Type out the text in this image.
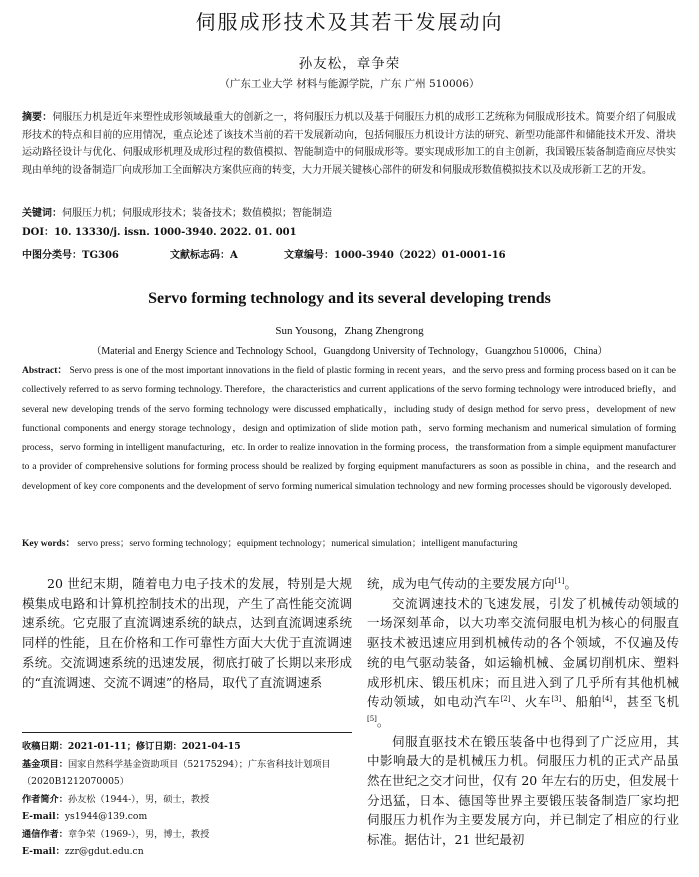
伺服成形技术及其若干发展动向
孙友松，章争荣
（广东工业大学 材料与能源学院，广东 广州 510006）
摘要：伺服压力机是近年来塑性成形领域最重大的创新之一，将伺服压力机以及基于伺服压力机的成形工艺统称为伺服成形技术。简要介绍了伺服成形技术的特点和目前的应用情况，重点论述了该技术当前的若干发展新动向，包括伺服压力机设计方法的研究、新型功能部件和储能技术开发、滑块运动路径设计与优化、伺服成形机理及成形过程的数值模拟、智能制造中的伺服成形等。要实现成形加工的自主创新，我国锻压装备制造商应尽快实现由单纯的设备制造厂向成形加工全面解决方案供应商的转变，大力开展关键核心部件的研发和伺服成形数值模拟技术以及成形新工艺的开发。
关键词：伺服压力机；伺服成形技术；装备技术；数值模拟；智能制造
DOI：10. 13330/j. issn. 1000-3940. 2022. 01. 001
中图分类号：TG306	文献标志码：A	文章编号：1000-3940（2022）01-0001-16
Servo forming technology and its several developing trends
Sun Yousong，Zhang Zhengrong
（Material and Energy Science and Technology School，Guangdong University of Technology，Guangzhou 510006，China）
Abstract： Servo press is one of the most important innovations in the field of plastic forming in recent years，and the servo press and forming process based on it can be collectively referred to as servo forming technology. Therefore，the characteristics and current applications of the servo forming technology were introduced briefly，and several new developing trends of the servo forming technology were discussed emphatically，including study of design method for servo press，development of new functional components and energy storage technology，design and optimization of slide motion path，servo forming mechanism and numerical simulation of forming process，servo forming in intelligent manufacturing，etc. In order to realize innovation in the forming process，the transformation from a simple equipment manufacturer to a provider of comprehensive solutions for forming process should be realized by forging equipment manufacturers as soon as possible in china，and the research and development of key core components and the development of servo forming numerical simulation technology and new forming processes should be vigorously developed.
Key words： servo press；servo forming technology；equipment technology；numerical simulation；intelligent manufacturing
20 世纪末期，随着电力电子技术的发展，特别是大规模集成电路和计算机控制技术的出现，产生了高性能交流调速系统。它克服了直流调速系统的缺点，达到直流调速系统同样的性能，且在价格和工作可靠性方面大大优于直流调速系统。交流调速系统的迅速发展，彻底打破了长期以来形成的“直流调速、交流不调速”的格局，取代了直流调速系
收稿日期：2021-01-11；修订日期：2021-04-15
基金项目：国家自然科学基金资助项目（52175294）；广东省科技计划项目（2020B1212070005）
作者简介：孙友松（1944-），男，硕士，教授
E-mail：ys1944@139.com
通信作者：章争荣（1969-），男，博士，教授
E-mail：zzr@gdut.edu.cn
统，成为电气传动的主要发展方向[1]。
交流调速技术的飞速发展，引发了机械传动领域的一场深刻革命，以大功率交流伺服电机为核心的伺服直驱技术被迅速应用到机械传动的各个领域，不仅遍及传统的电气驱动装备，如运输机械、金属切削机床、塑料成形机床、锻压机床；而且进入到了几乎所有其他机械传动领域，如电动汽车[2]、火车[3]、船舶[4]，甚至飞机[5]。
伺服直驱技术在锻压装备中也得到了广泛应用，其中影响最大的是机械压力机。伺服压力机的正式产品虽然在世纪之交才问世，仅有 20 年左右的历史，但发展十分迅猛，日本、德国等世界主要锻压装备制造厂家均把伺服压力机作为主要发展方向，并已制定了相应的行业标准。据估计，21 世纪最初
